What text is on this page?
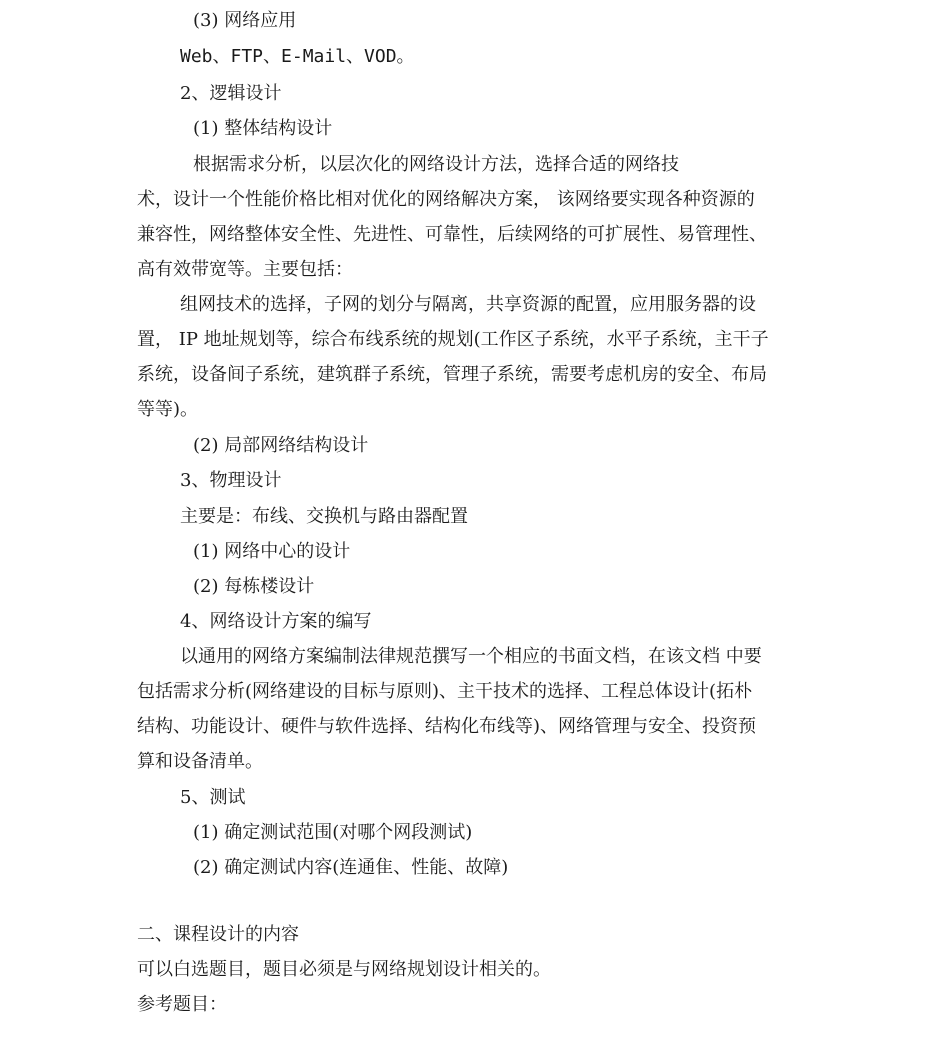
(3) 网络应用
Web、FTP、E-Mail、VOD。
2、逻辑设计
(1) 整体结构设计
根据需求分析，以层次化的网络设计方法，选择合适的网络技
术，设计一个性能价格比相对优化的网络解决方案， 该网络要实现各种资源的
兼容性，网络整体安全性、先进性、可靠性，后续网络的可扩展性、易管理性、
高有效带宽等。主要包括：
组网技术的选择，子网的划分与隔离，共享资源的配置，应用服务器的设
置， IP 地址规划等，综合布线系统的规划(工作区子系统，水平子系统，主干子
系统，设备间子系统，建筑群子系统，管理子系统，需要考虑机房的安全、布局
等等)。
(2) 局部网络结构设计
3、物理设计
主要是：布线、交换机与路由器配置
(1) 网络中心的设计
(2) 每栋楼设计
4、网络设计方案的编写
以通用的网络方案编制法律规范撰写一个相应的书面文档，在该文档 中要
包括需求分析(网络建设的目标与原则)、主干技术的选择、工程总体设计(拓朴
结构、功能设计、硬件与软件选择、结构化布线等)、网络管理与安全、投资预
算和设备清单。
5、测试
(1) 确定测试范围(对哪个网段测试)
(2) 确定测试内容(连通隹、性能、故障)
二、课程设计的内容
可以白选题目，题目必须是与网络规划设计相关的。
参考题目：
